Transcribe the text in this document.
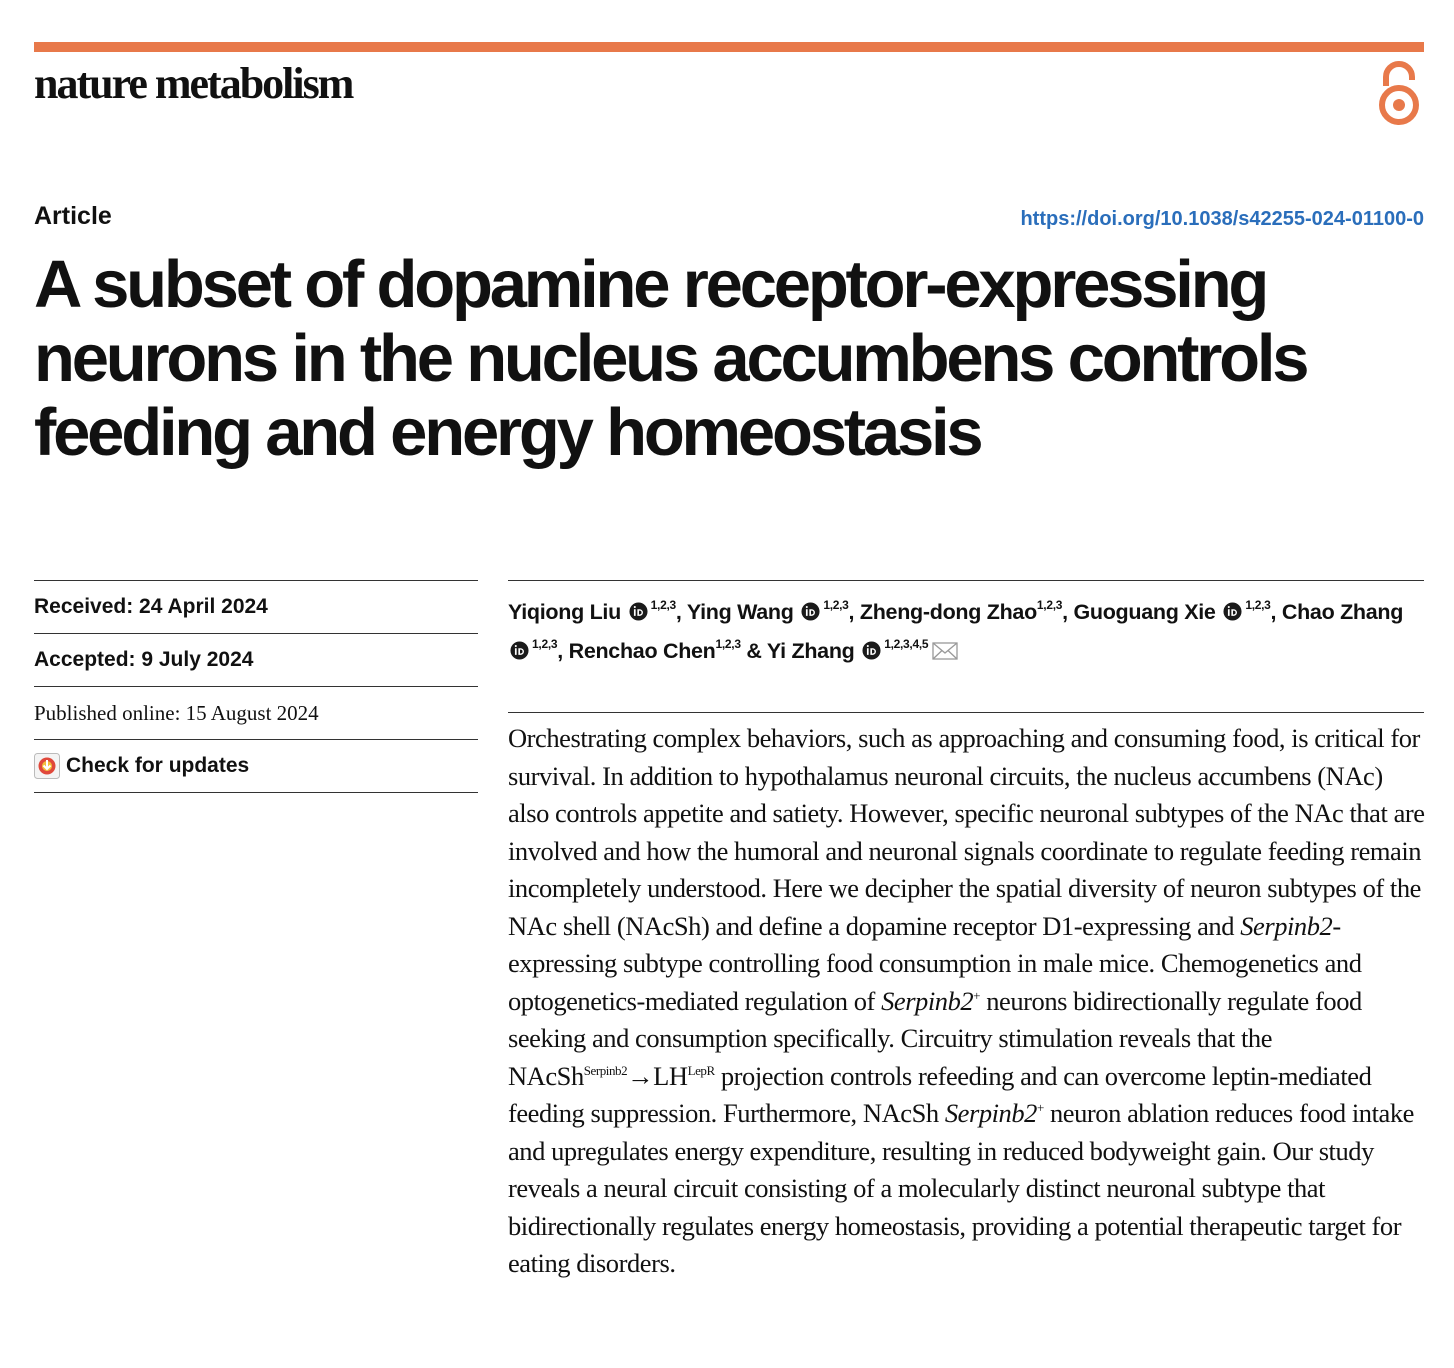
nature metabolism
Article	https://doi.org/10.1038/s42255-024-01100-0
A subset of dopamine receptor-expressing neurons in the nucleus accumbens controls feeding and energy homeostasis
Received: 24 April 2024
Accepted: 9 July 2024
Published online: 15 August 2024
Check for updates
Yiqiong Liu  $^{1,2,3}$, Ying Wang  $^{1,2,3}$, Zheng-dong Zhao$^{1,2,3}$, Guoguang Xie  $^{1,2,3}$, Chao Zhang  $^{1,2,3}$, Renchao Chen$^{1,2,3}$ & Yi Zhang  $^{1,2,3,4,5}$

Orchestrating complex behaviors, such as approaching and consuming food, is critical for survival. In addition to hypothalamus neuronal circuits, the nucleus accumbens (NAc) also controls appetite and satiety. However, specific neuronal subtypes of the NAc that are involved and how the humoral and neuronal signals coordinate to regulate feeding remain incompletely understood. Here we decipher the spatial diversity of neuron subtypes of the NAc shell (NAcSh) and define a dopamine receptor D1-expressing and Serpinb2-expressing subtype controlling food consumption in male mice. Chemogenetics and optogenetics-mediated regulation of Serpinb2+ neurons bidirectionally regulate food seeking and consumption specifically. Circuitry stimulation reveals that the $NAcSh^{Serpinb2}\to LH^{LepR}$ projection controls refeeding and can overcome leptin-mediated feeding suppression. Furthermore, NAcSh Serpinb2+ neuron ablation reduces food intake and upregulates energy expenditure, resulting in reduced bodyweight gain. Our study reveals a neural circuit consisting of a molecularly distinct neuronal subtype that bidirectionally regulates energy homeostasis, providing a potential therapeutic target for eating disorders.
